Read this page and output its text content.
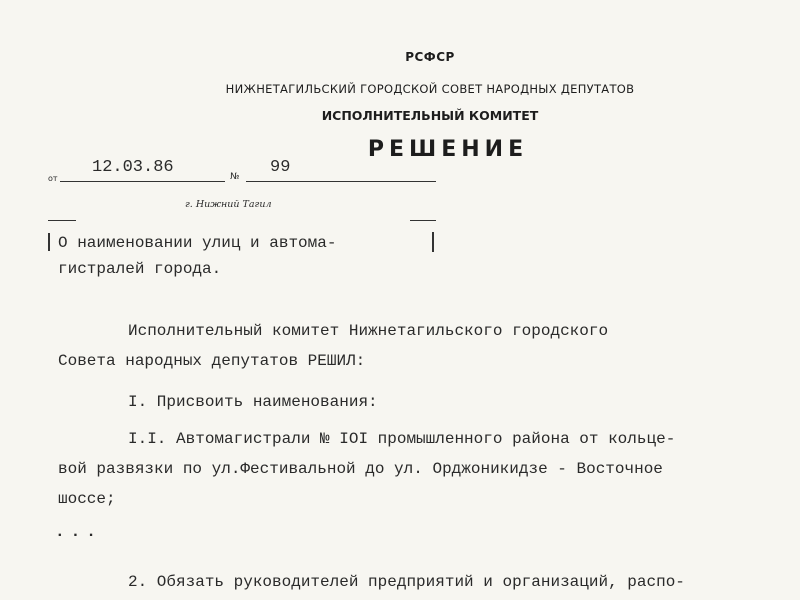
РСФСР
НИЖНЕТАГИЛЬСКИЙ ГОРОДСКОЙ СОВЕТ НАРОДНЫХ ДЕПУТАТОВ
ИСПОЛНИТЕЛЬНЫЙ КОМИТЕТ
РЕШЕНИЕ
от
12.03.86	№	99
г. Нижний Тагил
О наименовании улиц и автома-
гистралей города.
Исполнительный комитет Нижнетагильского городского
Совета народных депутатов РЕШИЛ:
I. Присвоить наименования:
I.I. Автомагистрали № IOI промышленного района от кольце-
вой развязки по ул.Фестивальной до ул. Орджоникидзе - Восточное
шоссе;
...
2. Обязать руководителей предприятий и организаций, распо-
